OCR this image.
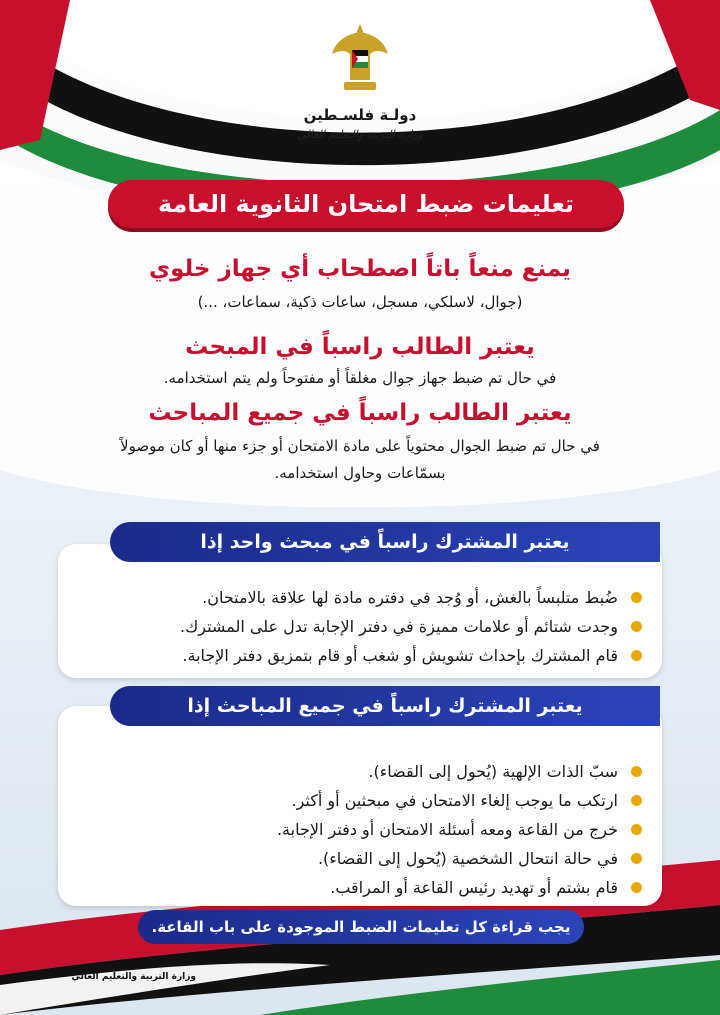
دولـة فلسـطين
وزارة التربية والتعليم العالي
تعليمات ضبط امتحان الثانوية العامة
يمنع منعاً باتاً اصطحاب أي جهاز خلوي
(جوال، لاسلكي، مسجل، ساعات ذكية، سماعات، ...)
يعتبر الطالب راسباً في المبحث
في حال تم ضبط جهاز جوال مغلقاً أو مفتوحاً ولم يتم استخدامه.
يعتبر الطالب راسباً في جميع المباحث
في حال تم ضبط الجوال محتوياً على مادة الامتحان أو جزء منها أو كان موصولاً
بسمّاعات وحاول استخدامه.
يعتبر المشترك راسباً في مبحث واحد إذا
ضُبط متلبساً بالغش، أو وُجد في دفتره مادة لها علاقة بالامتحان.
وجدت شتائم أو علامات مميزة في دفتر الإجابة تدل على المشترك.
قام المشترك بإحداث تشويش أو شغب أو قام بتمزيق دفتر الإجابة.
يعتبر المشترك راسباً في جميع المباحث إذا
سبّ الذات الإلهية (يُحول إلى القضاء).
ارتكب ما يوجب إلغاء الامتحان في مبحثين أو أكثر.
خرج من القاعة ومعه أسئلة الامتحان أو دفتر الإجابة.
في حالة انتحال الشخصية (يُحول إلى القضاء).
قام بشتم أو تهديد رئيس القاعة أو المراقب.
يجب قراءة كل تعليمات الضبط الموجودة على باب القاعة.
وزارة التربية والتعليم العالي
